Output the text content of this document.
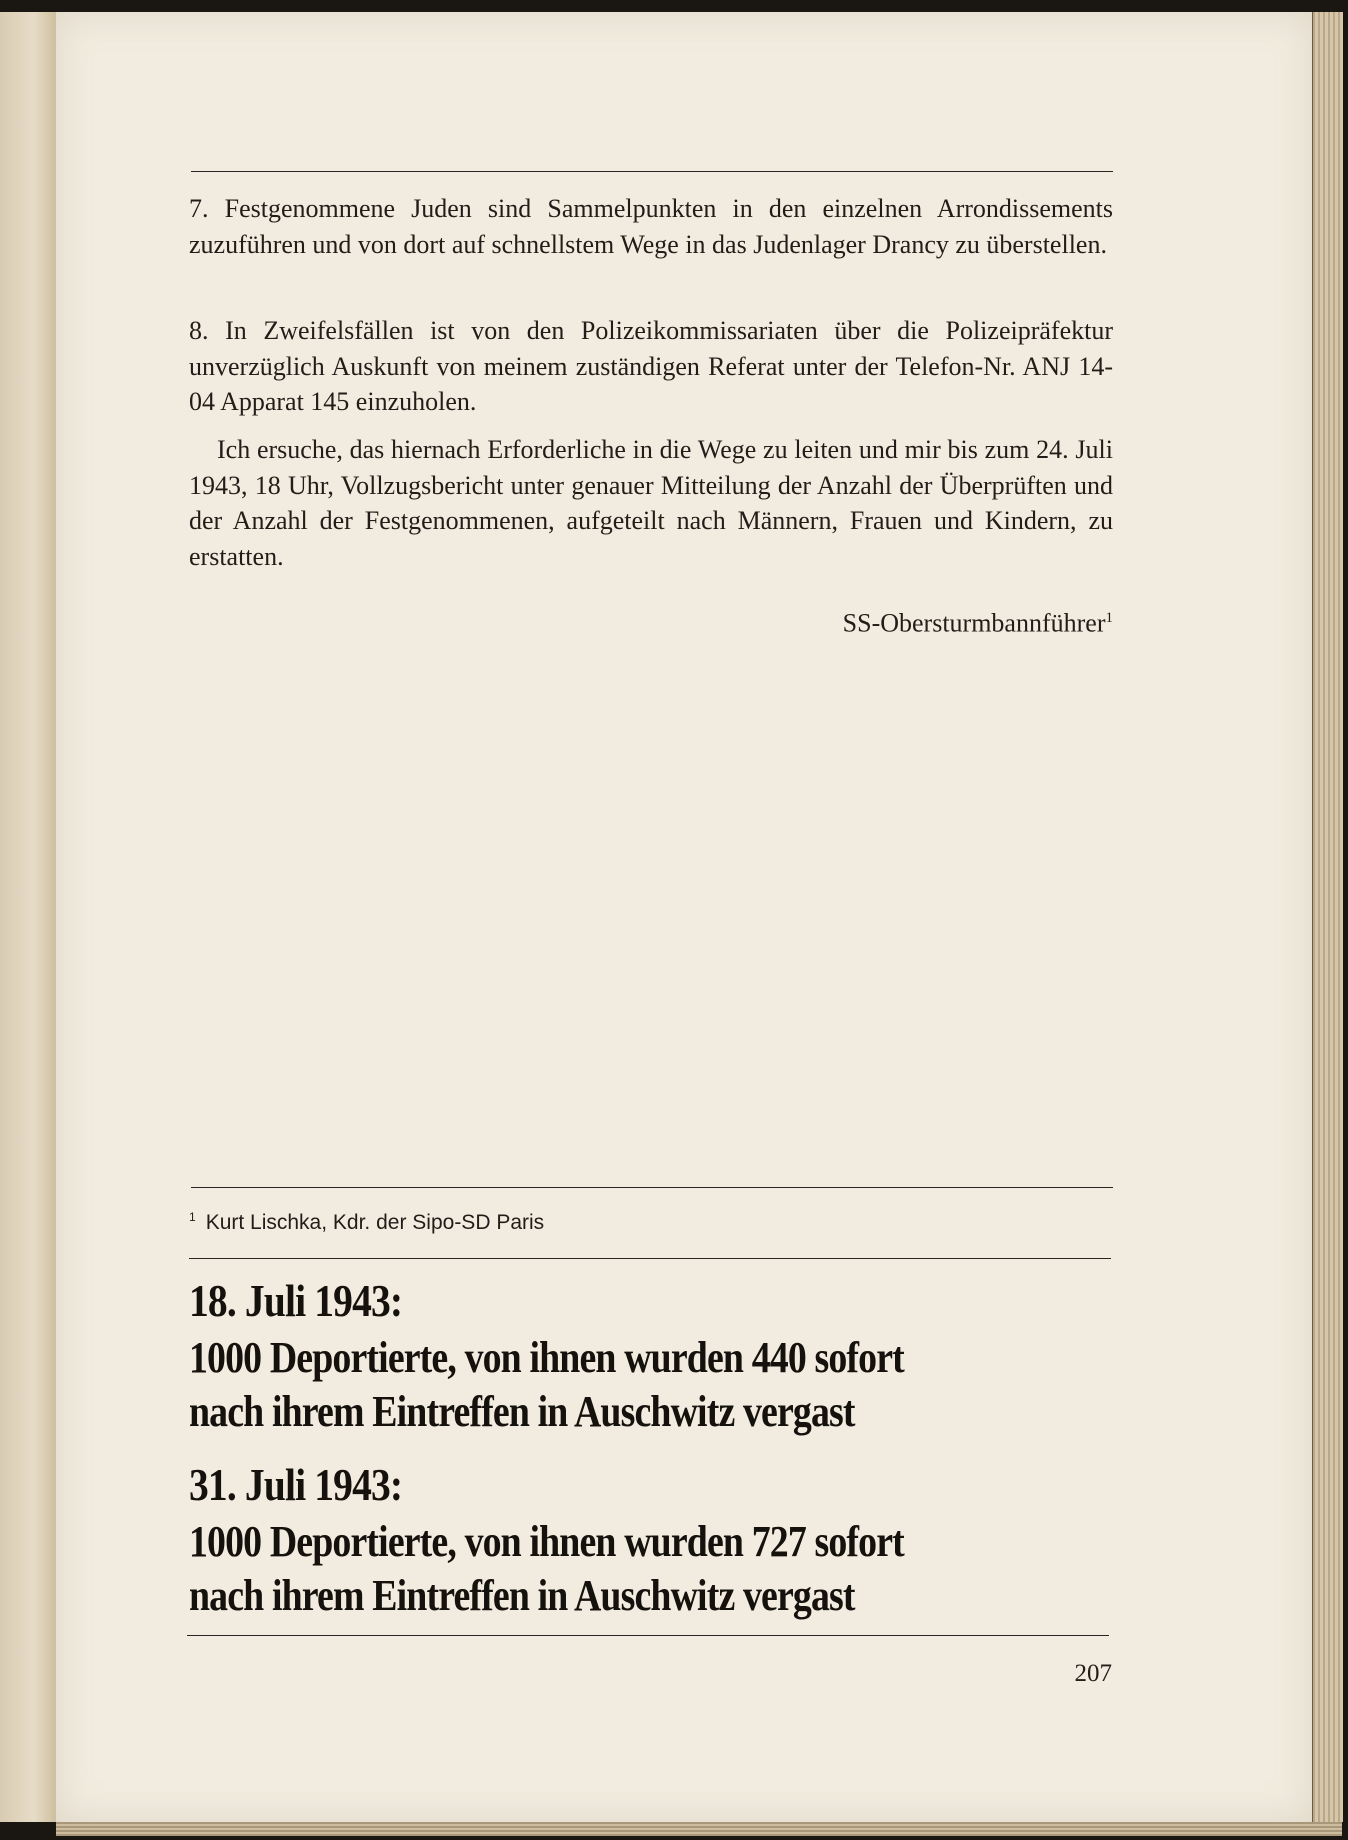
7. Festgenommene Juden sind Sammelpunkten in den einzelnen Arrondissements zuzuführen und von dort auf schnellstem Wege in das Judenlager Drancy zu überstellen.

8. In Zweifelsfällen ist von den Polizeikommissariaten über die Polizeipräfektur unverzüglich Auskunft von meinem zuständigen Referat unter der Telefon-Nr. ANJ 14-04 Apparat 145 einzuholen.

Ich ersuche, das hiernach Erforderliche in die Wege zu leiten und mir bis zum 24. Juli 1943, 18 Uhr, Vollzugsbericht unter genauer Mitteilung der Anzahl der Überprüften und der Anzahl der Festgenommenen, aufgeteilt nach Männern, Frauen und Kindern, zu erstatten.

SS-Obersturmbannführer$^1$
$^1$ Kurt Lischka, Kdr. der Sipo-SD Paris
18. Juli 1943:
1000 Deportierte, von ihnen wurden 440 sofort
nach ihrem Eintreffen in Auschwitz vergast
31. Juli 1943:
1000 Deportierte, von ihnen wurden 727 sofort
nach ihrem Eintreffen in Auschwitz vergast
207
